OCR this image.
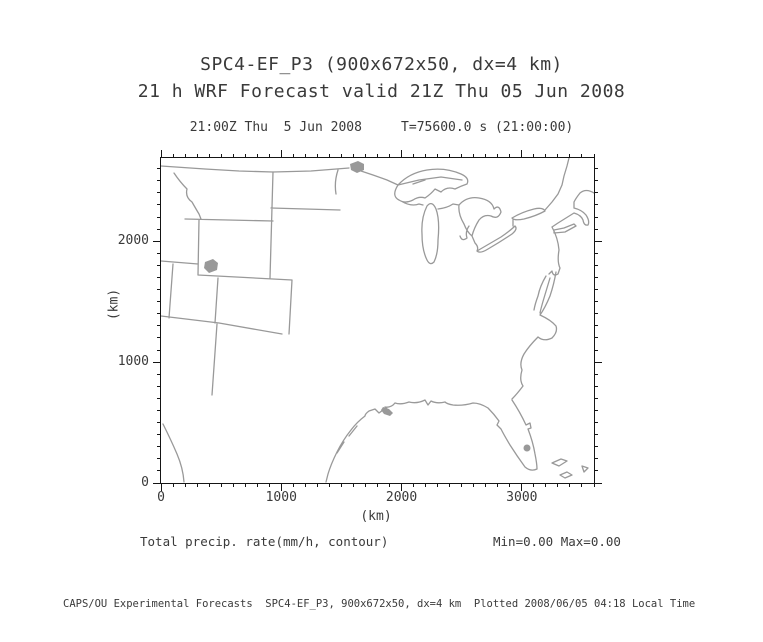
SPC4-EF_P3 (900x672x50, dx=4 km)
21 h WRF Forecast valid 21Z Thu 05 Jun 2008
21:00Z Thu  5 Jun 2008     T=75600.0 s (21:00:00)
0	1000	2000	3000
0
1000
2000
(km)
(km)
Total precip. rate(mm/h, contour)	Min=0.00 Max=0.00
CAPS/OU Experimental Forecasts  SPC4-EF_P3, 900x672x50, dx=4 km  Plotted 2008/06/05 04:18 Local Time
